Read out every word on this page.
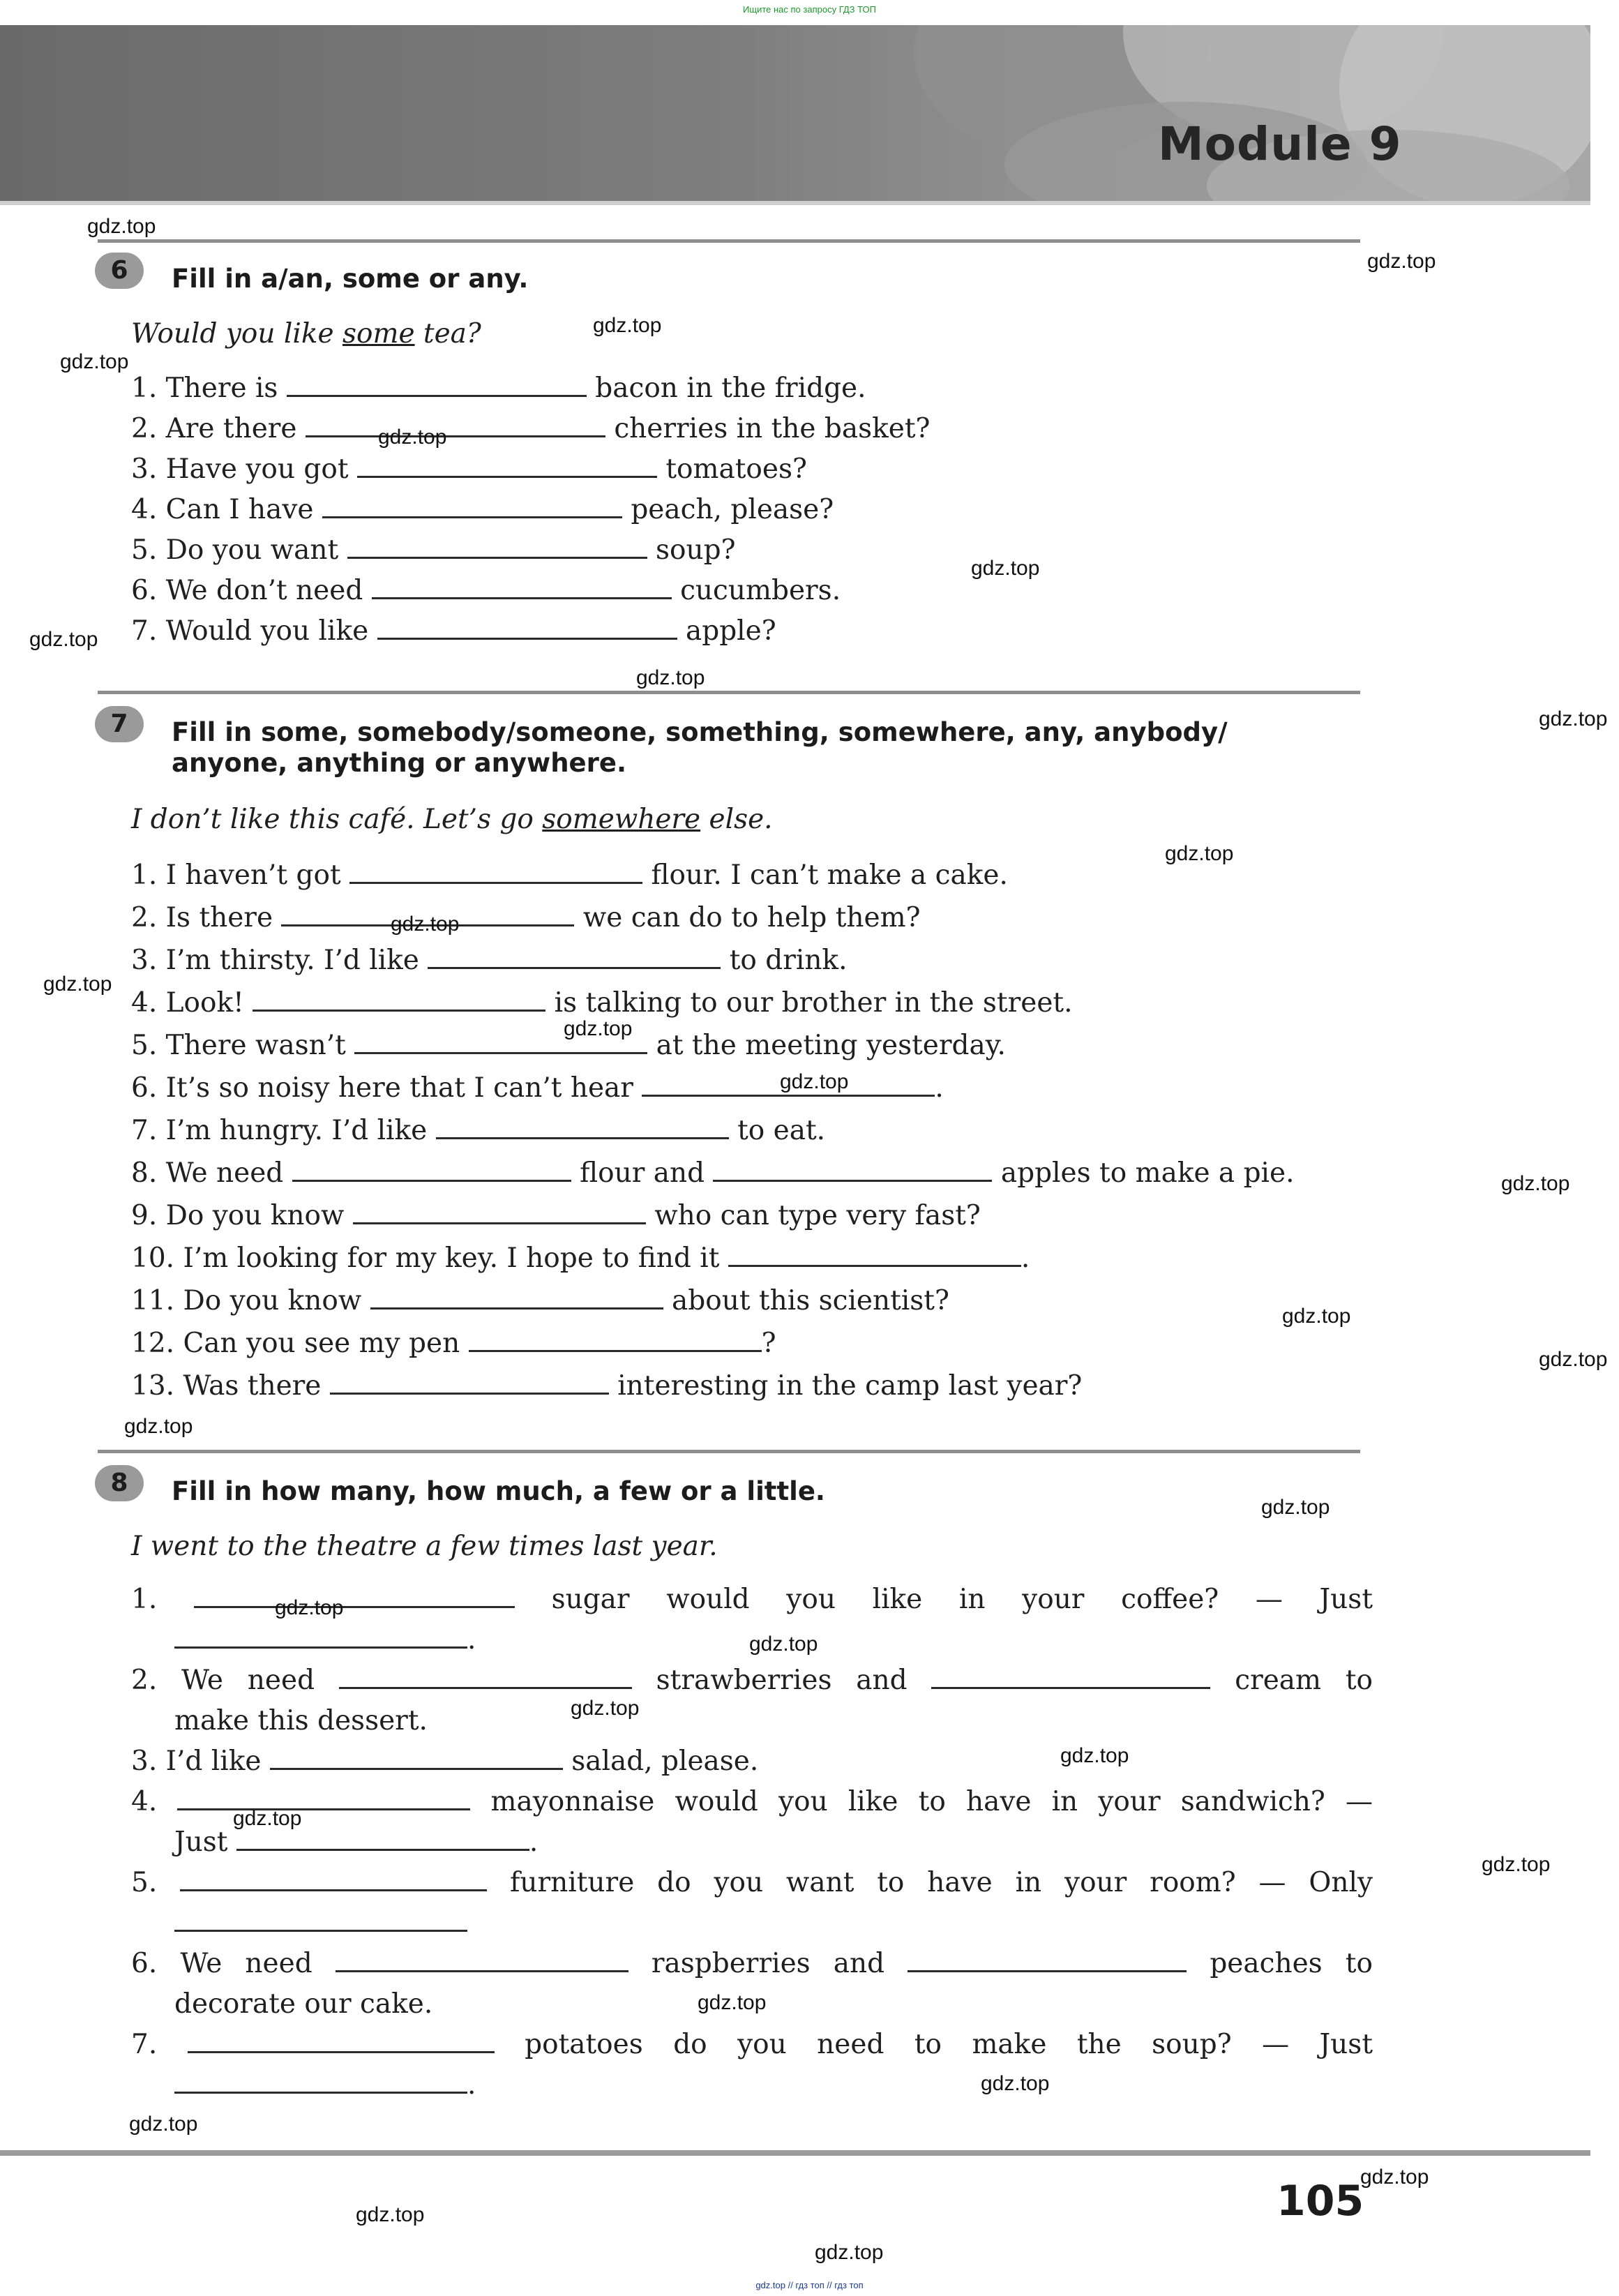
Ищите нас по запросу ГДЗ ТОП
gdz.top // гдз топ // гдз топ
Module 9
6	Fill in a/an, some or any.
Would you like some tea?
1. There is	bacon in the fridge.
2. Are there	cherries in the basket?
3. Have you got	tomatoes?
4. Can I have	peach, please?
5. Do you want	soup?
6. We don’t need	cucumbers.
7. Would you like	apple?
7	Fill in some, somebody/someone, something, somewhere, any, anybody/
anyone, anything or anywhere.
I don’t like this café. Let’s go somewhere else.
1. I haven’t got	flour. I can’t make a cake.
2. Is there	we can do to help them?
3. I’m thirsty. I’d like	to drink.
4. Look!	is talking to our brother in the street.
5. There wasn’t	at the meeting yesterday.
6. It’s so noisy here that I can’t hear	.
7. I’m hungry. I’d like	to eat.
8. We need	flour and	apples to make a pie.
9. Do you know	who can type very fast?
10. I’m looking for my key. I hope to find it	.
11. Do you know	about this scientist?
12. Can you see my pen	?
13. Was there	interesting in the camp last year?
8	Fill in how many, how much, a few or a little.
I went to the theatre a few times last year.
1.	sugar would you like in your coffee? — Just
.
2. We need	strawberries and	cream to
make this dessert.
3. I’d like	salad, please.
4.	mayonnaise would you like to have in your sandwich? —
Just	.
5.	furniture do you want to have in your room? — Only
6. We need	raspberries and	peaches to
decorate our cake.
7.	potatoes do you need to make the soup? — Just
.
105
gdz.top
gdz.top
gdz.top
gdz.top
gdz.top
gdz.top
gdz.top
gdz.top
gdz.top
gdz.top
gdz.top
gdz.top
gdz.top
gdz.top
gdz.top
gdz.top
gdz.top
gdz.top
gdz.top
gdz.top
gdz.top
gdz.top
gdz.top
gdz.top
gdz.top
gdz.top
gdz.top
gdz.top
gdz.top
gdz.top
gdz.top
